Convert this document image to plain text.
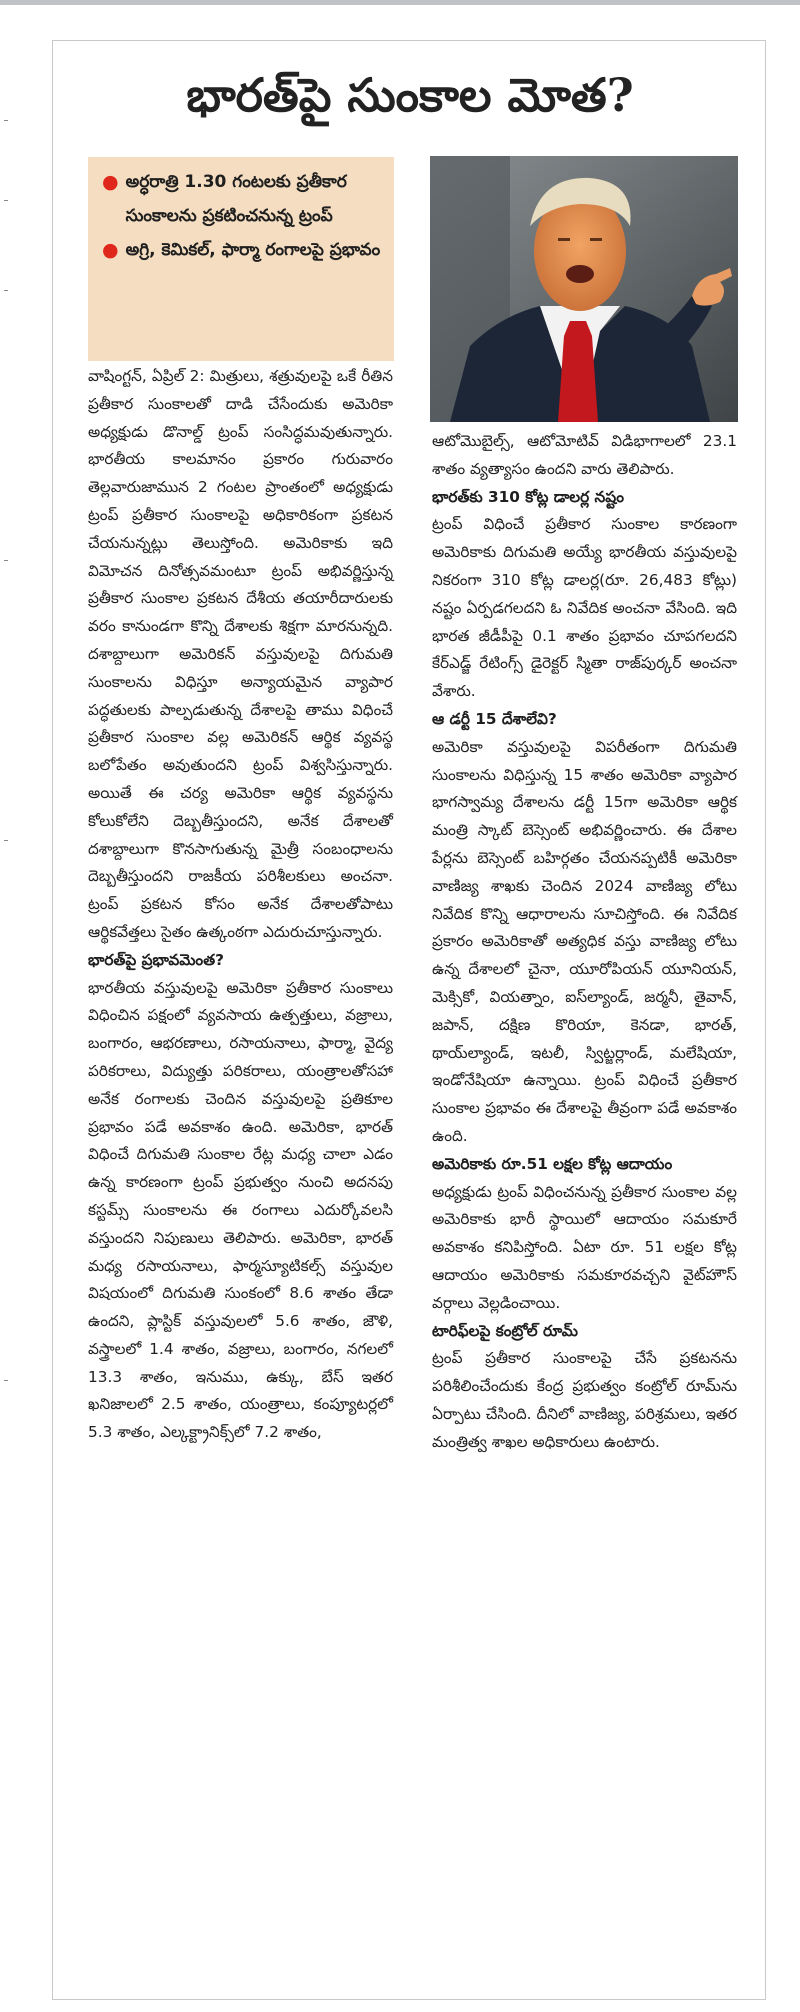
భారత్‌పై సుంకాల మోత?
● అర్ధరాత్రి 1.30 గంటలకు ప్రతీకార సుంకాలను ప్రకటించనున్న ట్రంప్
● అగ్రి, కెమికల్, ఫార్మా రంగాలపై ప్రభావం

వాషింగ్టన్, ఏప్రిల్ 2: మిత్రులు, శత్రువులపై ఒకే రీతిన ప్రతీకార సుంకాలతో దాడి చేసేందుకు అమెరికా అధ్యక్షుడు డొనాల్డ్ ట్రంప్ సంసిద్ధమవుతున్నారు. భారతీయ కాలమానం ప్రకారం గురువారం తెల్లవారుజామున 2 గంటల ప్రాంతంలో అధ్యక్షుడు ట్రంప్ ప్రతీకార సుంకాలపై అధికారికంగా ప్రకటన చేయనున్నట్లు తెలుస్తోంది. అమెరికాకు ఇది విమోచన దినోత్సవమంటూ ట్రంప్ అభివర్ణిస్తున్న ప్రతీకార సుంకాల ప్రకటన దేశీయ తయారీదారులకు వరం కానుండగా కొన్ని దేశాలకు శిక్షగా మారనున్నది. దశాబ్దాలుగా అమెరికన్ వస్తువులపై దిగుమతి సుంకాలను విధిస్తూ అన్యాయమైన వ్యాపార పద్ధతులకు పాల్పడుతున్న దేశాలపై తాము విధించే ప్రతీకార సుంకాల వల్ల అమెరికన్ ఆర్థిక వ్యవస్థ బలోపేతం అవుతుందని ట్రంప్ విశ్వసిస్తున్నారు. అయితే ఈ చర్య అమెరికా ఆర్థిక వ్యవస్థను కోలుకోలేని దెబ్బతీస్తుందని, అనేక దేశాలతో దశాబ్దాలుగా కొనసాగుతున్న మైత్రీ సంబంధాలను దెబ్బతీస్తుందని రాజకీయ పరిశీలకులు అంచనా. ట్రంప్ ప్రకటన కోసం అనేక దేశాలతోపాటు ఆర్థికవేత్తలు సైతం ఉత్కంఠగా ఎదురుచూస్తున్నారు.

భారత్‌పై ప్రభావమెంత?

భారతీయ వస్తువులపై అమెరికా ప్రతీకార సుంకాలు విధించిన పక్షంలో వ్యవసాయ ఉత్పత్తులు, వజ్రాలు, బంగారం, ఆభరణాలు, రసాయనాలు, ఫార్మా, వైద్య పరికరాలు, విద్యుత్తు పరికరాలు, యంత్రాలతోసహా అనేక రంగాలకు చెందిన వస్తువులపై ప్రతికూల ప్రభావం పడే అవకాశం ఉంది. అమెరికా, భారత్ విధించే దిగుమతి సుంకాల రేట్ల మధ్య చాలా ఎడం ఉన్న కారణంగా ట్రంప్ ప్రభుత్వం నుంచి అదనపు కస్టమ్స్ సుంకాలను ఈ రంగాలు ఎదుర్కోవలసి వస్తుందని నిపుణులు తెలిపారు. అమెరికా, భారత్ మధ్య రసాయనాలు, ఫార్మస్యూటికల్స్ వస్తువుల విషయంలో దిగుమతి సుంకంలో 8.6 శాతం తేడా ఉందని, ప్లాస్టిక్ వస్తువులలో 5.6 శాతం, జౌళి, వస్త్రాలలో 1.4 శాతం, వజ్రాలు, బంగారం, నగలలో 13.3 శాతం, ఇనుము, ఉక్కు, బేస్ ఇతర ఖనిజాలలో 2.5 శాతం, యంత్రాలు, కంప్యూటర్లలో 5.3 శాతం, ఎల్కక్ట్రానిక్స్‌లో 7.2 శాతం,

ఆటోమొబైల్స్, ఆటోమోటివ్ విడిభాగాలలో 23.1 శాతం వ్యత్యాసం ఉందని వారు తెలిపారు.

భారత్‌కు 310 కోట్ల డాలర్ల నష్టం

ట్రంప్ విధించే ప్రతీకార సుంకాల కారణంగా అమెరికాకు దిగుమతి అయ్యే భారతీయ వస్తువులపై నికరంగా 310 కోట్ల డాలర్ల(రూ. 26,483 కోట్లు) నష్టం ఏర్పడగలదని ఓ నివేదిక అంచనా వేసింది. ఇది భారత జీడీపీపై 0.1 శాతం ప్రభావం చూపగలదని కేర్‌ఎడ్జ్ రేటింగ్స్ డైరెక్టర్ స్మితా రాజ్‌పుర్కర్ అంచనా వేశారు.

ఆ డర్టీ 15 దేశాలేవి?

అమెరికా వస్తువులపై విపరీతంగా దిగుమతి సుంకాలను విధిస్తున్న 15 శాతం అమెరికా వ్యాపార భాగస్వామ్య దేశాలను డర్టీ 15గా అమెరికా ఆర్థిక మంత్రి స్కాట్ బెస్సెంట్ అభివర్ణించారు. ఈ దేశాల పేర్లను బెస్సెంట్ బహిర్గతం చేయనప్పటికీ అమెరికా వాణిజ్య శాఖకు చెందిన 2024 వాణిజ్య లోటు నివేదిక కొన్ని ఆధారాలను సూచిస్తోంది. ఈ నివేదిక ప్రకారం అమెరికాతో అత్యధిక వస్తు వాణిజ్య లోటు ఉన్న దేశాలలో చైనా, యూరోపియన్ యూనియన్, మెక్సికో, వియత్నాం, ఐస్‌ల్యాండ్, జర్మనీ, తైవాన్, జపాన్, దక్షిణ కొరియా, కెనడా, భారత్, థాయ్‌ల్యాండ్, ఇటలీ, స్విట్జర్లాండ్, మలేషియా, ఇండోనేషియా ఉన్నాయి. ట్రంప్ విధించే ప్రతీకార సుంకాల ప్రభావం ఈ దేశాలపై తీవ్రంగా పడే అవకాశం ఉంది.

అమెరికాకు రూ.51 లక్షల కోట్ల ఆదాయం

అధ్యక్షుడు ట్రంప్ విధించనున్న ప్రతీకార సుంకాల వల్ల అమెరికాకు భారీ స్థాయిలో ఆదాయం సమకూరే అవకాశం కనిపిస్తోంది. ఏటా రూ. 51 లక్షల కోట్ల ఆదాయం అమెరికాకు సమకూరవచ్చని వైట్‌హౌస్ వర్గాలు వెల్లడించాయి.

టారిఫ్‌లపై కంట్రోల్ రూమ్

ట్రంప్ ప్రతీకార సుంకాలపై చేసే ప్రకటనను పరిశీలించేందుకు కేంద్ర ప్రభుత్వం కంట్రోల్ రూమ్‌ను ఏర్పాటు చేసింది. దీనిలో వాణిజ్య, పరిశ్రమలు, ఇతర మంత్రిత్వ శాఖల అధికారులు ఉంటారు.
